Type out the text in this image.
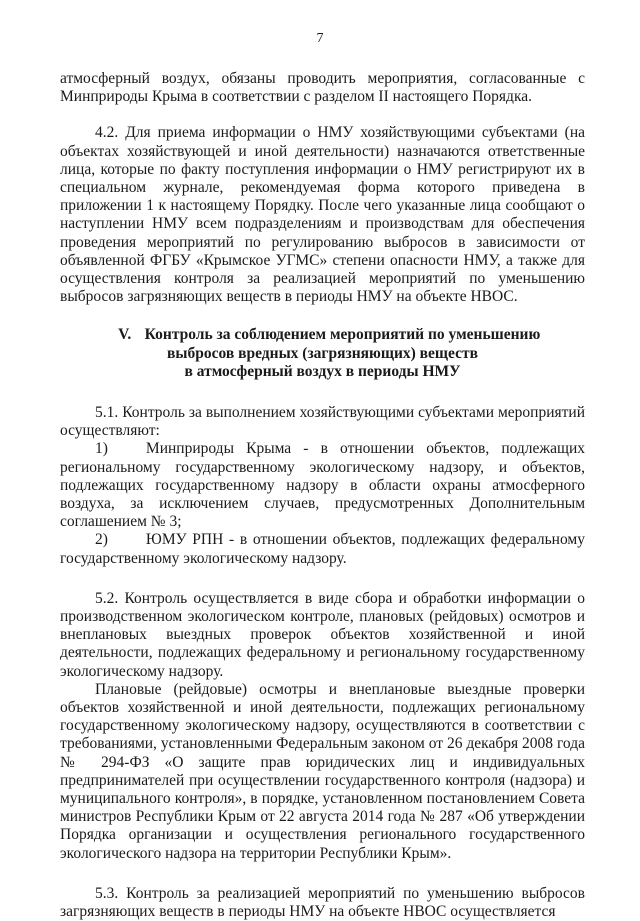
7

атмосферный воздух, обязаны проводить мероприятия, согласованные с Минприроды Крыма в соответствии с разделом II настоящего Порядка.

4.2. Для приема информации о НМУ хозяйствующими субъектами (на объектах хозяйствующей и иной деятельности) назначаются ответственные лица, которые по факту поступления информации о НМУ регистрируют их в специальном журнале, рекомендуемая форма которого приведена в приложении 1 к настоящему Порядку. После чего указанные лица сообщают о наступлении НМУ всем подразделениям и производствам для обеспечения проведения мероприятий по регулированию выбросов в зависимости от объявленной ФГБУ «Крымское УГМС» степени опасности НМУ, а также для осуществления контроля за реализацией мероприятий по уменьшению выбросов загрязняющих веществ в периоды НМУ на объекте НВОС.

V. Контроль за соблюдением мероприятий по уменьшению
выбросов вредных (загрязняющих) веществ
в атмосферный воздух в периоды НМУ

5.1. Контроль за выполнением хозяйствующими субъектами мероприятий осуществляют:

1) Минприроды Крыма - в отношении объектов, подлежащих региональному государственному экологическому надзору, и объектов, подлежащих государственному надзору в области охраны атмосферного воздуха, за исключением случаев, предусмотренных Дополнительным соглашением № 3;

2) ЮМУ РПН - в отношении объектов, подлежащих федеральному государственному экологическому надзору.

5.2. Контроль осуществляется в виде сбора и обработки информации о производственном экологическом контроле, плановых (рейдовых) осмотров и внеплановых выездных проверок объектов хозяйственной и иной деятельности, подлежащих федеральному и региональному государственному экологическому надзору.

Плановые (рейдовые) осмотры и внеплановые выездные проверки объектов хозяйственной и иной деятельности, подлежащих региональному государственному экологическому надзору, осуществляются в соответствии с требованиями, установленными Федеральным законом от 26 декабря 2008 года № 294-ФЗ «О защите прав юридических лиц и индивидуальных предпринимателей при осуществлении государственного контроля (надзора) и муниципального контроля», в порядке, установленном постановлением Совета министров Республики Крым от 22 августа 2014 года № 287 «Об утверждении Порядка организации и осуществления регионального государственного экологического надзора на территории Республики Крым».

5.3. Контроль за реализацией мероприятий по уменьшению выбросов загрязняющих веществ в периоды НМУ на объекте НВОС осуществляется
